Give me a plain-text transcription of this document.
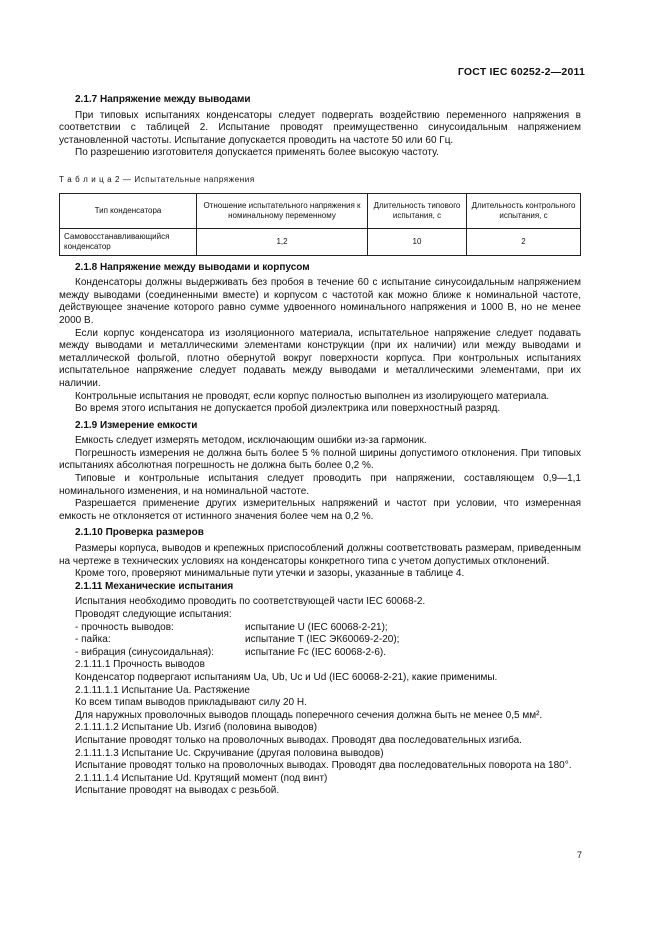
ГОСТ IEC 60252-2—2011
2.1.7 Напряжение между выводами

При типовых испытаниях конденсаторы следует подвергать воздействию переменного напряжения в соответствии с таблицей 2. Испытание проводят преимущественно синусоидальным напряжением установленной частоты. Испытание допускается проводить на частоте 50 или 60 Гц.

По разрешению изготовителя допускается применять более высокую частоту.

Т а б л и ц а 2 — Испытательные напряжения
Тип конденсатора	Отношение испытательного напряжения к номинальному переменному	Длительность типового испытания, с	Длительность контрольного испытания, с
Самовосстанавливающийся конденсатор	1,2	10	2
2.1.8 Напряжение между выводами и корпусом

Конденсаторы должны выдерживать без пробоя в течение 60 с испытание синусоидальным напряжением между выводами (соединенными вместе) и корпусом с частотой как можно ближе к номинальной частоте, действующее значение которого равно сумме удвоенного номинального напряжения и 1000 В, но не менее 2000 В.

Если корпус конденсатора из изоляционного материала, испытательное напряжение следует подавать между выводами и металлическими элементами конструкции (при их наличии) или между выводами и металлической фольгой, плотно обернутой вокруг поверхности корпуса. При контрольных испытаниях испытательное напряжение следует подавать между выводами и металлическими элементами, при их наличии.

Контрольные испытания не проводят, если корпус полностью выполнен из изолирующего материала.

Во время этого испытания не допускается пробой диэлектрика или поверхностный разряд.

2.1.9 Измерение емкости

Емкость следует измерять методом, исключающим ошибки из-за гармоник.

Погрешность измерения не должна быть более 5 % полной ширины допустимого отклонения. При типовых испытаниях абсолютная погрешность не должна быть более 0,2 %.

Типовые и контрольные испытания следует проводить при напряжении, составляющем 0,9—1,1 номинального изменения, и на номинальной частоте.

Разрешается применение других измерительных напряжений и частот при условии, что измеренная емкость не отклоняется от истинного значения более чем на 0,2 %.

2.1.10 Проверка размеров

Размеры корпуса, выводов и крепежных приспособлений должны соответствовать размерам, приведенным на чертеже в технических условиях на конденсаторы конкретного типа с учетом допустимых отклонений.

Кроме того, проверяют минимальные пути утечки и зазоры, указанные в таблице 4.

2.1.11 Механические испытания
Испытания необходимо проводить по соответствующей части IEC 60068-2.
Проводят следующие испытания:
- прочность выводов:	испытание U (IEC 60068-2-21);
- пайка:	испытание T (IEC ЭК60069-2-20);
- вибрация (синусоидальная):	испытание Fc (IEC 60068-2-6).
2.1.11.1 Прочность выводов
Конденсатор подвергают испытаниям Ua, Ub, Uc и Ud (IEC 60068-2-21), какие применимы.
2.1.11.1.1 Испытание Ua. Растяжение
Ко всем типам выводов прикладывают силу 20 Н.
Для наружных проволочных выводов площадь поперечного сечения должна быть не менее 0,5 мм².
2.1.11.1.2 Испытание Ub. Изгиб (половина выводов)
Испытание проводят только на проволочных выводах. Проводят два последовательных изгиба.
2.1.11.1.3 Испытание Uc. Скручивание (другая половина выводов)

Испытание проводят только на проволочных выводах. Проводят два последовательных поворота на 180°.

2.1.11.1.4 Испытание Ud. Крутящий момент (под винт)
Испытание проводят на выводах с резьбой.
7
